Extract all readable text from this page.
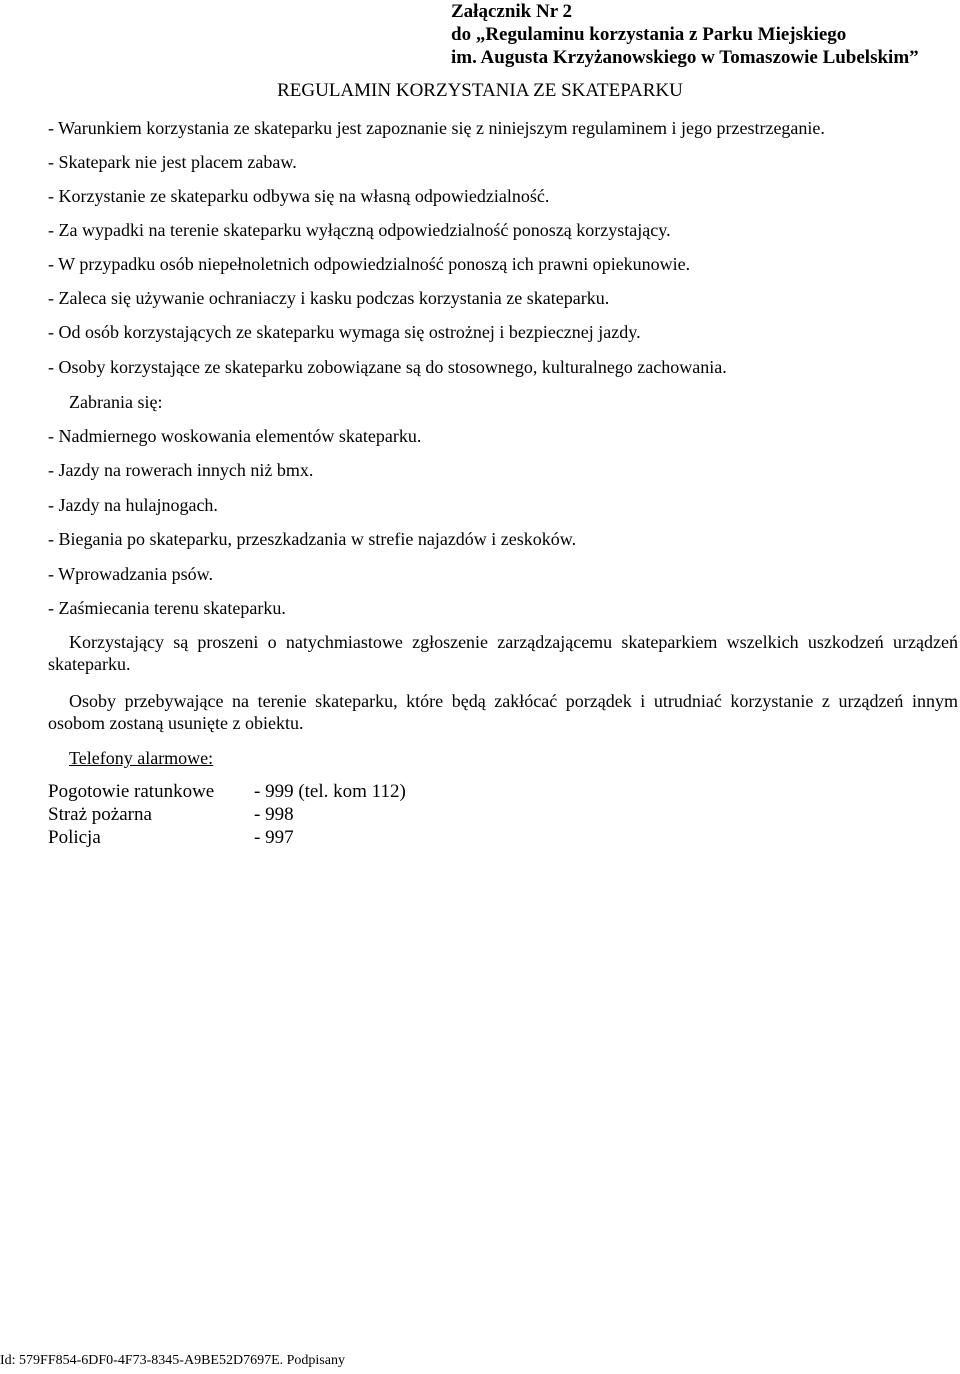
Załącznik Nr 2
do „Regulaminu korzystania z Parku Miejskiego
im. Augusta Krzyżanowskiego w Tomaszowie Lubelskim”
REGULAMIN KORZYSTANIA ZE SKATEPARKU
- Warunkiem korzystania ze skateparku jest zapoznanie się z niniejszym regulaminem i jego przestrzeganie.
- Skatepark nie jest placem zabaw.
- Korzystanie ze skateparku odbywa się na własną odpowiedzialność.
- Za wypadki na terenie skateparku wyłączną odpowiedzialność ponoszą korzystający.
- W przypadku osób niepełnoletnich odpowiedzialność ponoszą ich prawni opiekunowie.
- Zaleca się używanie ochraniaczy i kasku podczas korzystania ze skateparku.
- Od osób korzystających ze skateparku wymaga się ostrożnej i bezpiecznej jazdy.
- Osoby korzystające ze skateparku zobowiązane są do stosownego, kulturalnego zachowania.
Zabrania się:
- Nadmiernego woskowania elementów skateparku.
- Jazdy na rowerach innych niż bmx.
- Jazdy na hulajnogach.
- Biegania po skateparku, przeszkadzania w strefie najazdów i zeskoków.
- Wprowadzania psów.
- Zaśmiecania terenu skateparku.
Korzystający są proszeni o natychmiastowe zgłoszenie zarządzającemu skateparkiem wszelkich uszkodzeń urządzeń skateparku.
Osoby przebywające na terenie skateparku, które będą zakłócać porządek i utrudniać korzystanie z urządzeń innym osobom zostaną usunięte z obiektu.
Telefony alarmowe:
Pogotowie ratunkowe - 999 (tel. kom 112)
Straż pożarna	- 998
Policja	- 997
Id: 579FF854-6DF0-4F73-8345-A9BE52D7697E. Podpisany
